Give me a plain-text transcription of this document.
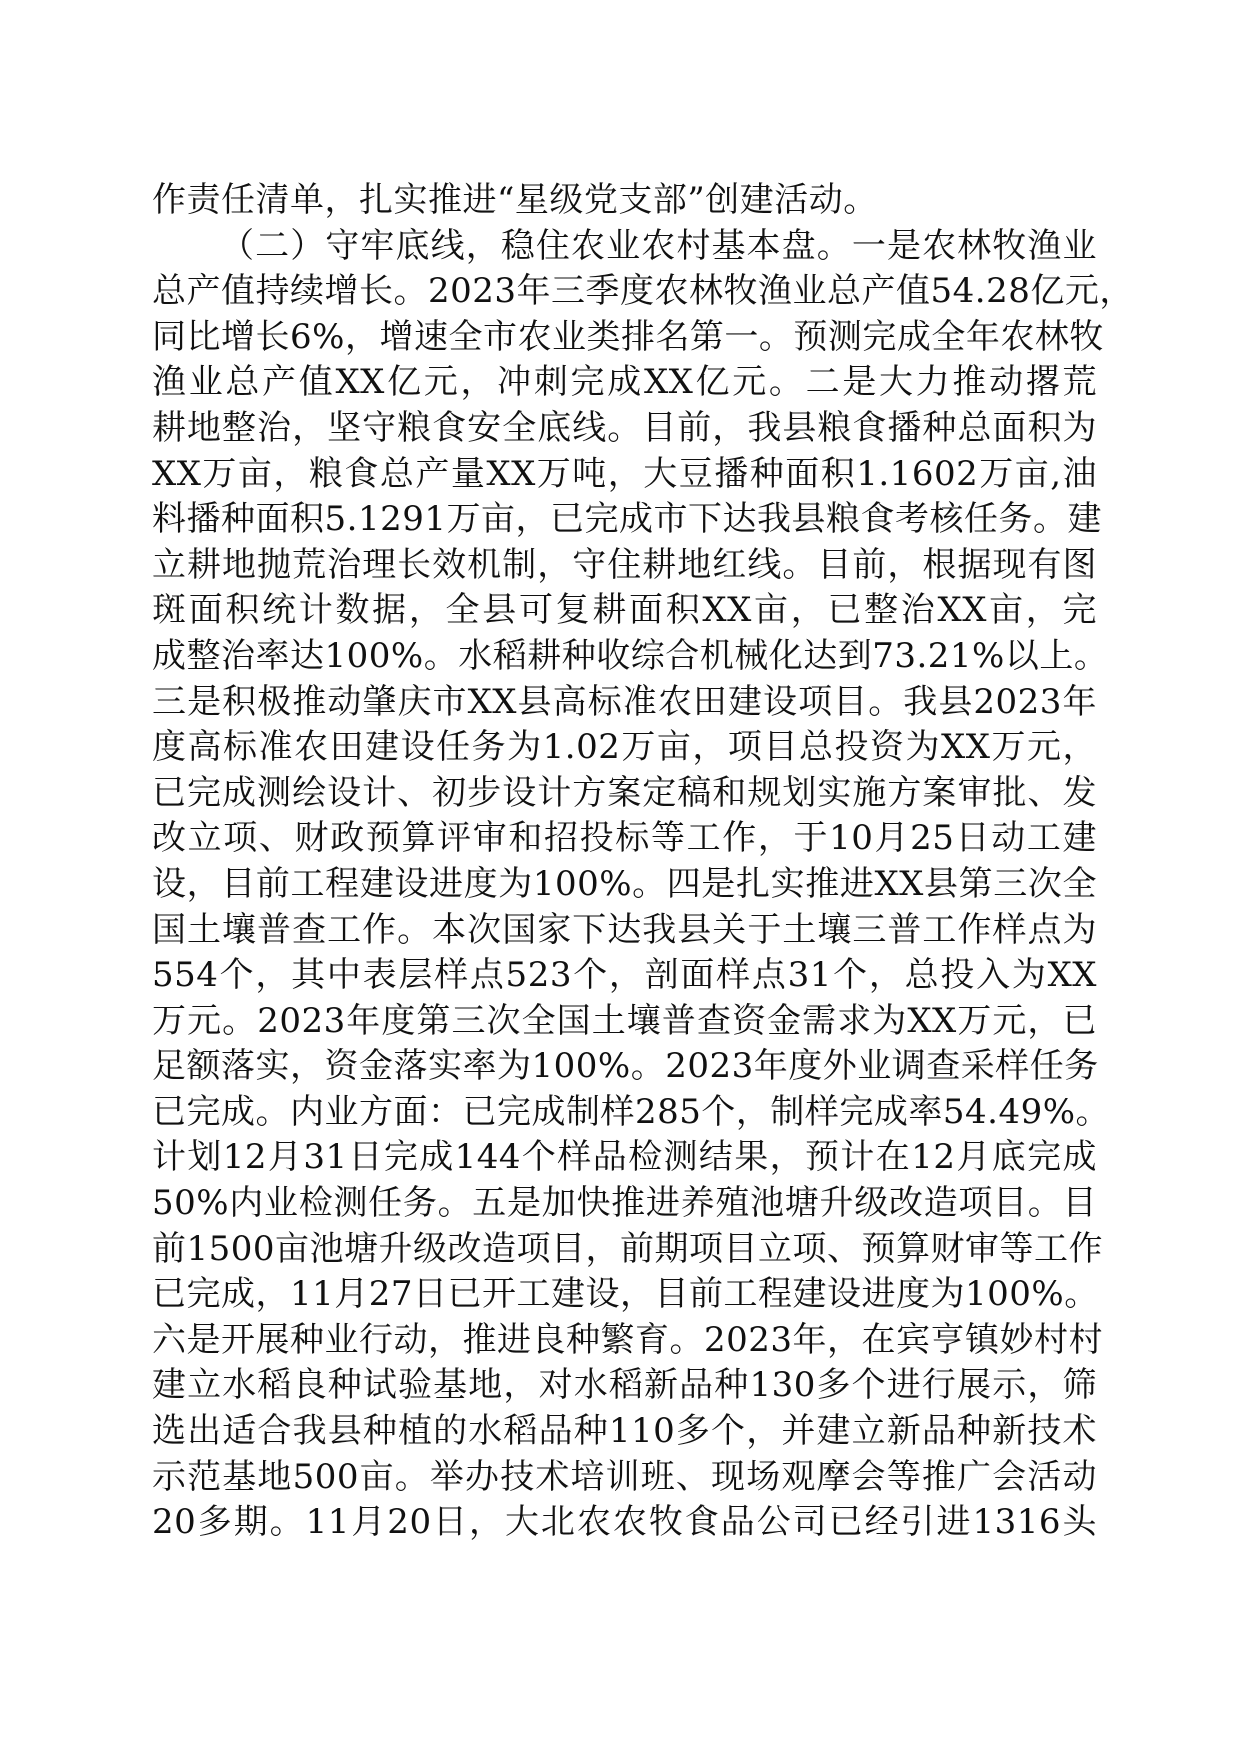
作责任清单，扎实推进“星级党支部”创建活动。
（二）守牢底线，稳住农业农村基本盘。一是农林牧渔业
总产值持续增长。2023年三季度农林牧渔业总产值54.28亿元，
同比增长6%，增速全市农业类排名第一。预测完成全年农林牧
渔业总产值XX亿元，冲刺完成XX亿元。二是大力推动撂荒
耕地整治，坚守粮食安全底线。目前，我县粮食播种总面积为
XX万亩，粮食总产量XX万吨，大豆播种面积1.1602万亩,油
料播种面积5.1291万亩，已完成市下达我县粮食考核任务。建
立耕地抛荒治理长效机制，守住耕地红线。目前，根据现有图
斑面积统计数据，全县可复耕面积XX亩，已整治XX亩，完
成整治率达100%。水稻耕种收综合机械化达到73.21%以上。
三是积极推动肇庆市XX县高标准农田建设项目。我县2023年
度高标准农田建设任务为1.02万亩，项目总投资为XX万元，
已完成测绘设计、初步设计方案定稿和规划实施方案审批、发
改立项、财政预算评审和招投标等工作，于10月25日动工建
设，目前工程建设进度为100%。四是扎实推进XX县第三次全
国土壤普查工作。本次国家下达我县关于土壤三普工作样点为
554个，其中表层样点523个，剖面样点31个，总投入为XX
万元。2023年度第三次全国土壤普查资金需求为XX万元，已
足额落实，资金落实率为100%。2023年度外业调查采样任务
已完成。内业方面：已完成制样285个，制样完成率54.49%。
计划12月31日完成144个样品检测结果，预计在12月底完成
50%内业检测任务。五是加快推进养殖池塘升级改造项目。目
前1500亩池塘升级改造项目，前期项目立项、预算财审等工作
已完成，11月27日已开工建设，目前工程建设进度为100%。
六是开展种业行动，推进良种繁育。2023年，在宾亨镇妙村村
建立水稻良种试验基地，对水稻新品种130多个进行展示，筛
选出适合我县种植的水稻品种110多个，并建立新品种新技术
示范基地500亩。举办技术培训班、现场观摩会等推广会活动
20多期。11月20日，大北农农牧食品公司已经引进1316头
